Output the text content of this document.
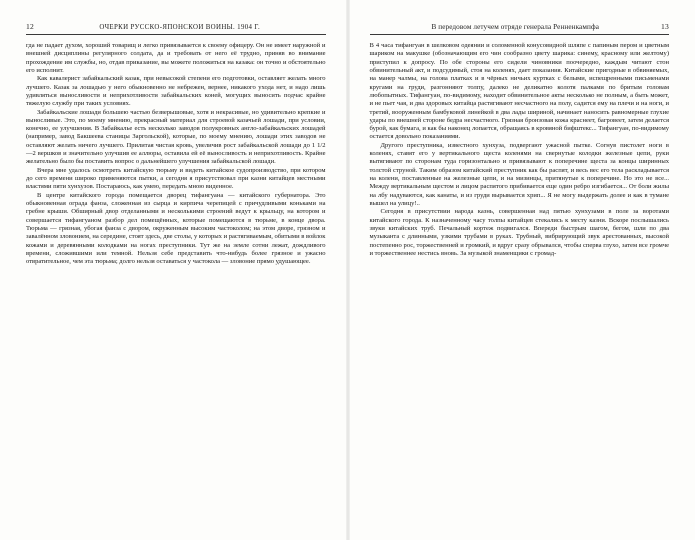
12	ОЧЕРКИ РУССКО-ЯПОНСКОЙ ВОЙНЫ. 1904 Г.	В передовом летучем отряде генерала Ренненкампфа	13

гда не падает духом, хороший товарищ и легко привязывается к своему офицеру. Он не имеет наружной и внешней дисциплины регулярного солдата, да и требовать от него её трудно, приняв во внимание прохождение им службы, но, отдав приказание, вы можете положиться на казака: он точно и обстоятельно его исполнит.

Как кавалерист забайкальский казак, при невысокой степени его подготовки, оставляет желать много лучшего. Казак за лошадью у него обыкновенно не небрежен, вернее, никакого ухода нет, и надо лишь удивляться выносливости и неприхотливости забайкальских коней, могущих выносить подчас крайне тяжелую службу при таких условиях.

Забайкальские лошади большею частью безверышовые, хотя и некрасивые, но удивительно крепкие и выносливые. Это, по моему мнению, прекрасный материал для строевой казачьей лошади, при условии, конечно, ее улучшения. В Забайкалье есть несколько заводов полукровных англо-забайкальских лошадей (например, завод Бакшеева станицы Заргольской), которые, по моему мнению, лошади этих заводов не оставляют желать ничего лучшего. Прилитая чистая кровь, увеличив рост забайкальской лошади до 1 1/2—2 вершков и значительно улучшив ее аллюры, оставила ей её выносливость и неприхотливость. Крайне желательно было бы поставить вопрос о дальнейшего улучшения забайкальской лошади.

Вчера мне удалось осмотреть китайскую тюрьму и видеть китайское судопроизводство, при котором до сего времени широко применяются пытки, а сегодня я присутствовал при казни китайцев местными властями пяти хунхузов. Постараюсь, как умею, передать мною виденное.

В центре китайского города помещается дворец тифангуана — китайского губернатора. Это обыкновенная ограда фанза, сложенная из сырца и кирпича черепицей с причудливыми коньками на гребне крыши. Обширный двор отделанными и несколькими строений ведут к крыльцу, на котором и совершается тифангуаном разбор дел помещённых, которые помещаются в тюрьме, в конце двора. Тюрьма — грязная, убогая фанза с двором, окруженным высоким частоколом; на этом дворе, грязном и завалённом зловонием, на середине, стоят здесь, две столы, у которых и растягиваемым, обитыми в войлок кожами и деревянными колодками на ногах преступники. Тут же на земле сотни лежат, дождливого времени, сложившими или темной. Нельзя себе представить что-нибудь более грязное и ужасно отвратительное, чем эта тюрьма; долго нельзя оставаться у частокола — зловоние прямо удушающее.

В 4 часа тифангуан в шелковом одеянии и соломенной конусовидной шляпе с папиным пером и цветным шариком на макушке (обозначающим его чин сообразно цвету шарика: синему, красному или желтому) приступил к допросу. По обе стороны его сидели чиновники поочередно, каждым читают стон обвинительный акт, и подсудимый, стоя на коленях, дает показания. Китайские пригодные в обвиняемых, на манер чалмы, на голова платках и в чёрных ничьих куртках с белыми, испещренными письменами кругами на груди, разгонняют толпу, далеко не деликатно колотя палками по бритым головам любопытных. Тифангуан, по-видимому, находит обвинительное акты несколько не полным, а быть может, и не пьет чая, и два здоровых китайца растягивают несчастного на полу, садится ему на плечи и на ноги, и третий, вооруженным бамбуковой линейкой в два лады шириной, начинает наносить равномерные глухие удары по внешней стороне бедра несчастного. Грязная бронзовая кожа краснеет, багровеет, затем делается бурой, как бумага, и как бы наконец лопается, обращаясь в кровяной бифштекс... Тифангуан, по-видимому остается довольно показаниями.

Другого преступника, известного хунхуза, подвергают ужасной пытке. Согнув пистолет ноги в коленях, ставят его у вертикального щеста коленями на свернутые колодки железные цепи, руки вытягивают по сторонам туда горизонтально и привязывают к поперечине щеста за концы ширинных толстой струной. Таким образом китайский преступник как бы распят, и весь вес его тела раскладывается на колени, поставленные на железные цепи, и на мизинцы, притянутые к поперечине. Но это не все... Между вертикальным щестом и лицом распятого прибивается еще один ребро изгибается... От боли жилы на лбу надуваются, как канаты, и из груди вырывается хрип... Я не могу выдержать долее и как в тумане вышел на улицу!..

Сегодня в присутствии народа казнь, совершенная над пятью хунхузами в поле за воротами китайского города. К назначенному часу толпы китайцев стекались к месту казни. Вскоре послышались звуки китайских труб. Печальный кортеж подвигался. Впереди быстрым шагом, бегом, шли по два музыканта с длинными, узкими трубами в руках. Трубный, вибрирующий звук арестованных, высокой постепенно рос, торжественней и громкий, и вдруг сразу обрывался, чтобы спервa глухо, затем все громче и торжественнее нестись вновь. За музыкой знаменщики с громад-
